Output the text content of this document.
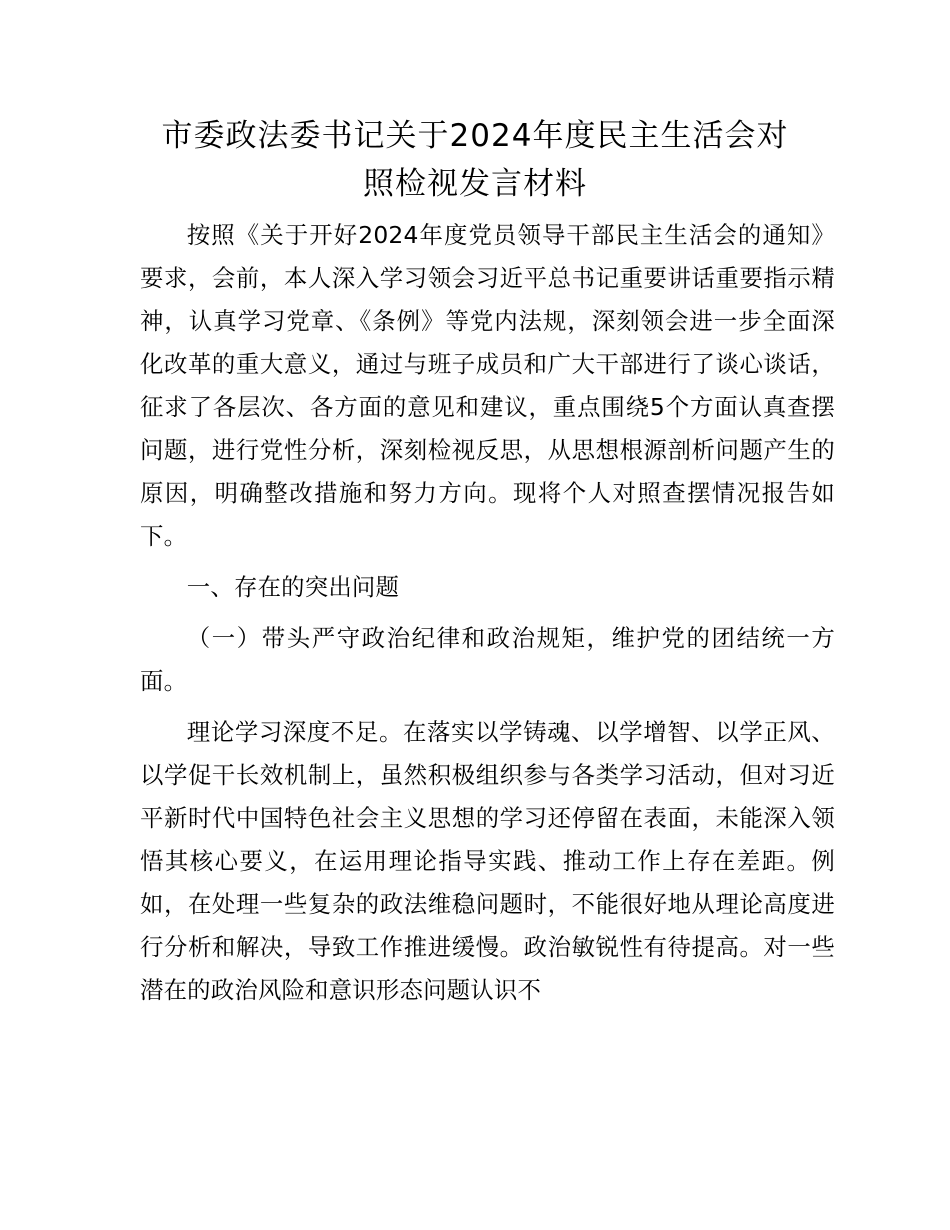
市委政法委书记关于2024年度民主生活会对
照检视发言材料

按照《关于开好2024年度党员领导干部民主生活会的通知》要求，会前，本人深入学习领会习近平总书记重要讲话重要指示精神，认真学习党章、《条例》等党内法规，深刻领会进一步全面深化改革的重大意义，通过与班子成员和广大干部进行了谈心谈话，征求了各层次、各方面的意见和建议，重点围绕5个方面认真查摆问题，进行党性分析，深刻检视反思，从思想根源剖析问题产生的原因，明确整改措施和努力方向。现将个人对照查摆情况报告如下。

一、存在的突出问题

（一）带头严守政治纪律和政治规矩，维护党的团结统一方面。

理论学习深度不足。在落实以学铸魂、以学增智、以学正风、以学促干长效机制上，虽然积极组织参与各类学习活动，但对习近平新时代中国特色社会主义思想的学习还停留在表面，未能深入领悟其核心要义，在运用理论指导实践、推动工作上存在差距。例如，在处理一些复杂的政法维稳问题时，不能很好地从理论高度进行分析和解决，导致工作推进缓慢。政治敏锐性有待提高。对一些潜在的政治风险和意识形态问题认识不
